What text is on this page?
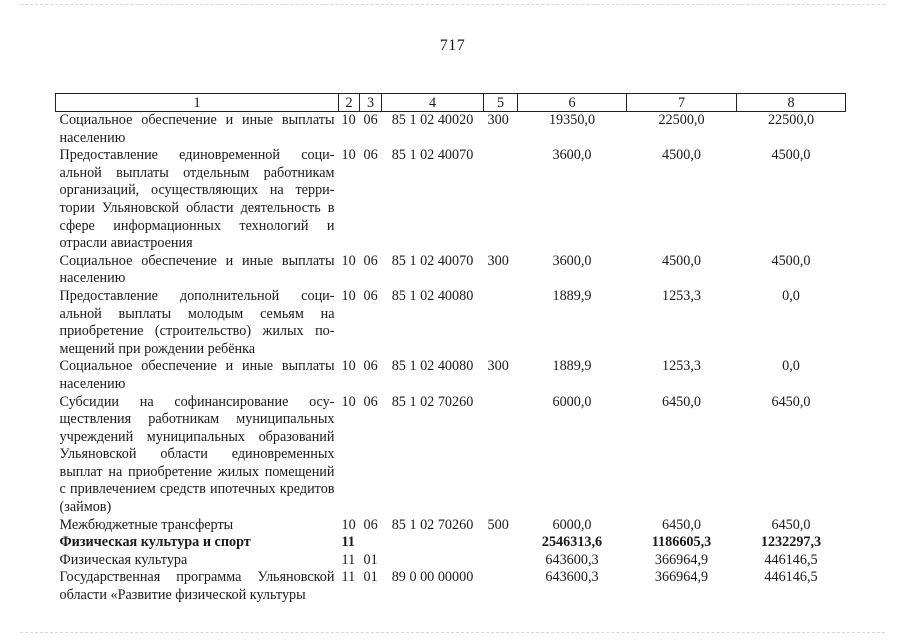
717
1	2	3	4	5	6	7	8
Социальное обеспечение и иные выплаты населению	10	06	85 1 02 40020	300	19350,0	22500,0	22500,0
Предоставление единовременной социальной выплаты отдельным работникам организаций, осуществляющих на территории Ульяновской области деятельность в сфере информационных технологий и отрасли авиастроения	10	06	85 1 02 40070		3600,0	4500,0	4500,0
Социальное обеспечение и иные выплаты населению	10	06	85 1 02 40070	300	3600,0	4500,0	4500,0
Предоставление дополнительной социальной выплаты молодым семьям на приобретение (строительство) жилых помещений при рождении ребёнка	10	06	85 1 02 40080		1889,9	1253,3	0,0
Социальное обеспечение и иные выплаты населению	10	06	85 1 02 40080	300	1889,9	1253,3	0,0
Субсидии на софинансирование осуществления работникам муниципальных учреждений муниципальных образований Ульяновской области единовременных выплат на приобретение жилых помещений с привлечением средств ипотечных кредитов (займов)	10	06	85 1 02 70260		6000,0	6450,0	6450,0
Межбюджетные трансферты	10	06	85 1 02 70260	500	6000,0	6450,0	6450,0
Физическая культура и спорт	11				2546313,6	1186605,3	1232297,3
Физическая культура	11	01			643600,3	366964,9	446146,5
Государственная программа Ульяновской области «Развитие физической культуры	11	01	89 0 00 00000		643600,3	366964,9	446146,5
